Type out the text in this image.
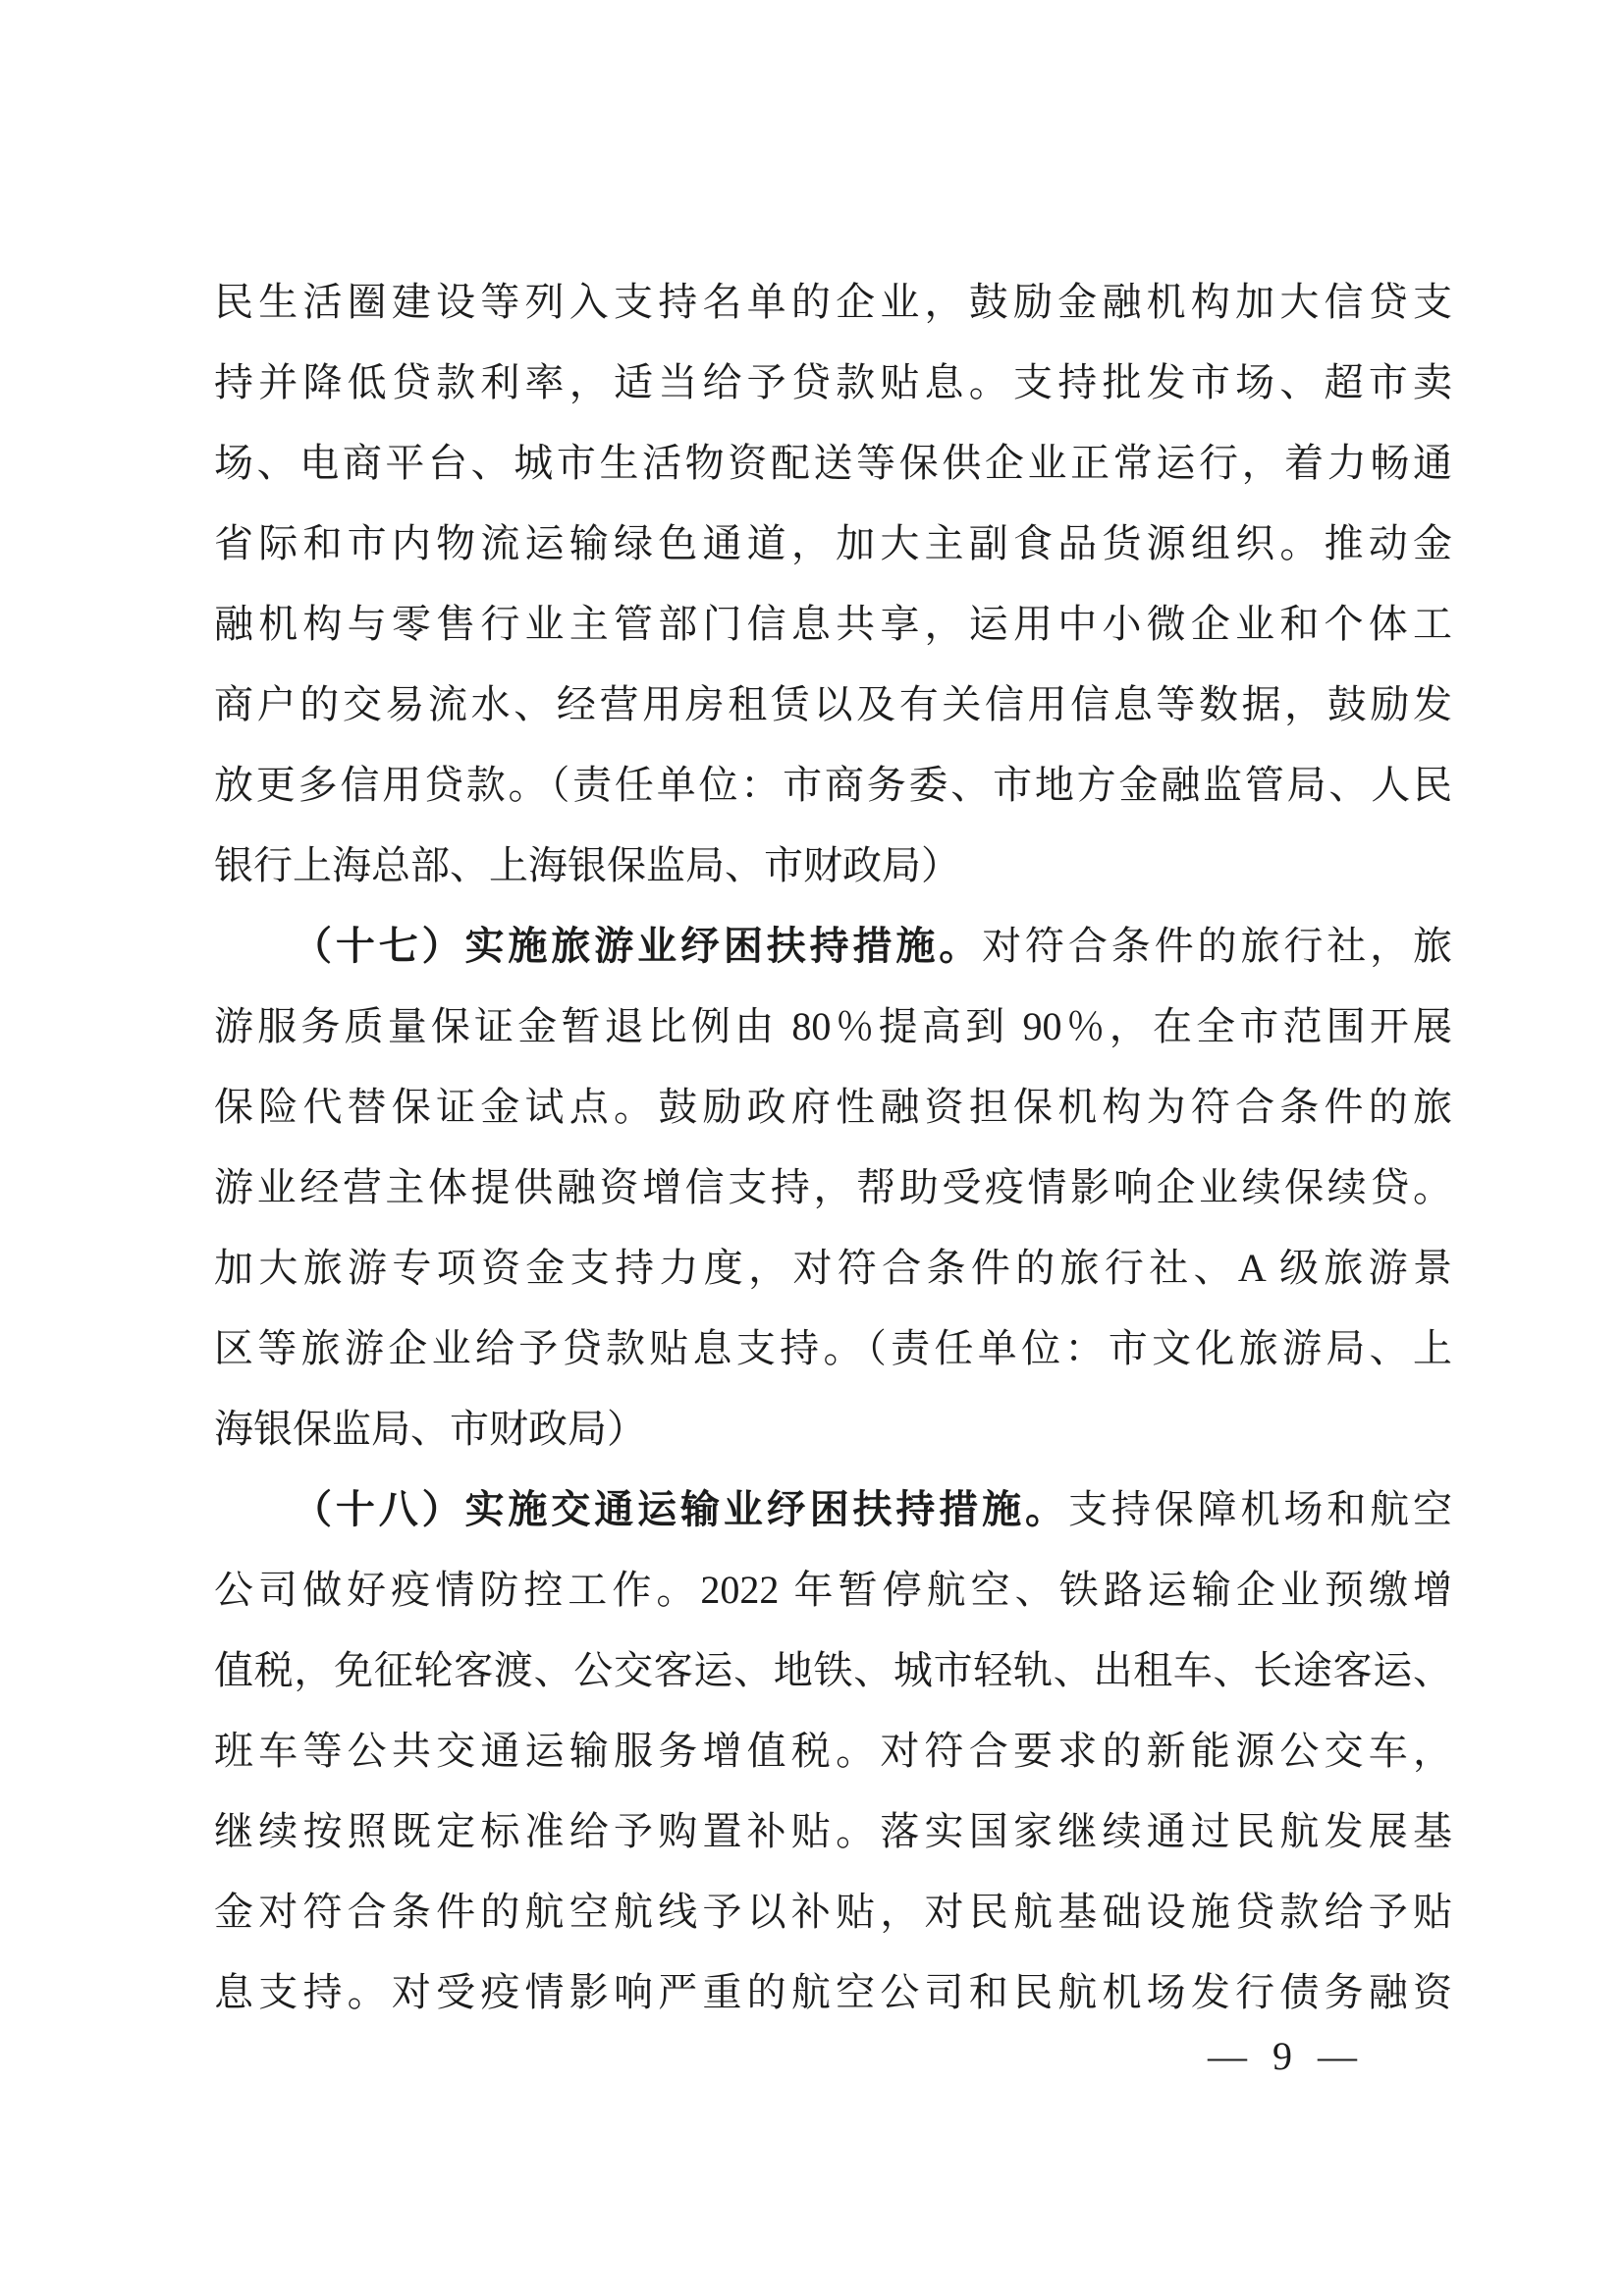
民生活圈建设等列入支持名单的企业，鼓励金融机构加大信贷支
持并降低贷款利率，适当给予贷款贴息。支持批发市场、超市卖
场、电商平台、城市生活物资配送等保供企业正常运行，着力畅通
省际和市内物流运输绿色通道，加大主副食品货源组织。推动金
融机构与零售行业主管部门信息共享，运用中小微企业和个体工
商户的交易流水、经营用房租赁以及有关信用信息等数据，鼓励发
放更多信用贷款。（责任单位：市商务委、市地方金融监管局、人民
银行上海总部、上海银保监局、市财政局）
（十七）实施旅游业纾困扶持措施。对符合条件的旅行社，旅
游服务质量保证金暂退比例由 80％提高到 90％，在全市范围开展
保险代替保证金试点。鼓励政府性融资担保机构为符合条件的旅
游业经营主体提供融资增信支持，帮助受疫情影响企业续保续贷。
加大旅游专项资金支持力度，对符合条件的旅行社、A 级旅游景
区等旅游企业给予贷款贴息支持。（责任单位：市文化旅游局、上
海银保监局、市财政局）
（十八）实施交通运输业纾困扶持措施。支持保障机场和航空
公司做好疫情防控工作。2022 年暂停航空、铁路运输企业预缴增
值税，免征轮客渡、公交客运、地铁、城市轻轨、出租车、长途客运、
班车等公共交通运输服务增值税。对符合要求的新能源公交车，
继续按照既定标准给予购置补贴。落实国家继续通过民航发展基
金对符合条件的航空航线予以补贴，对民航基础设施贷款给予贴
息支持。对受疫情影响严重的航空公司和民航机场发行债务融资
— 9 —
